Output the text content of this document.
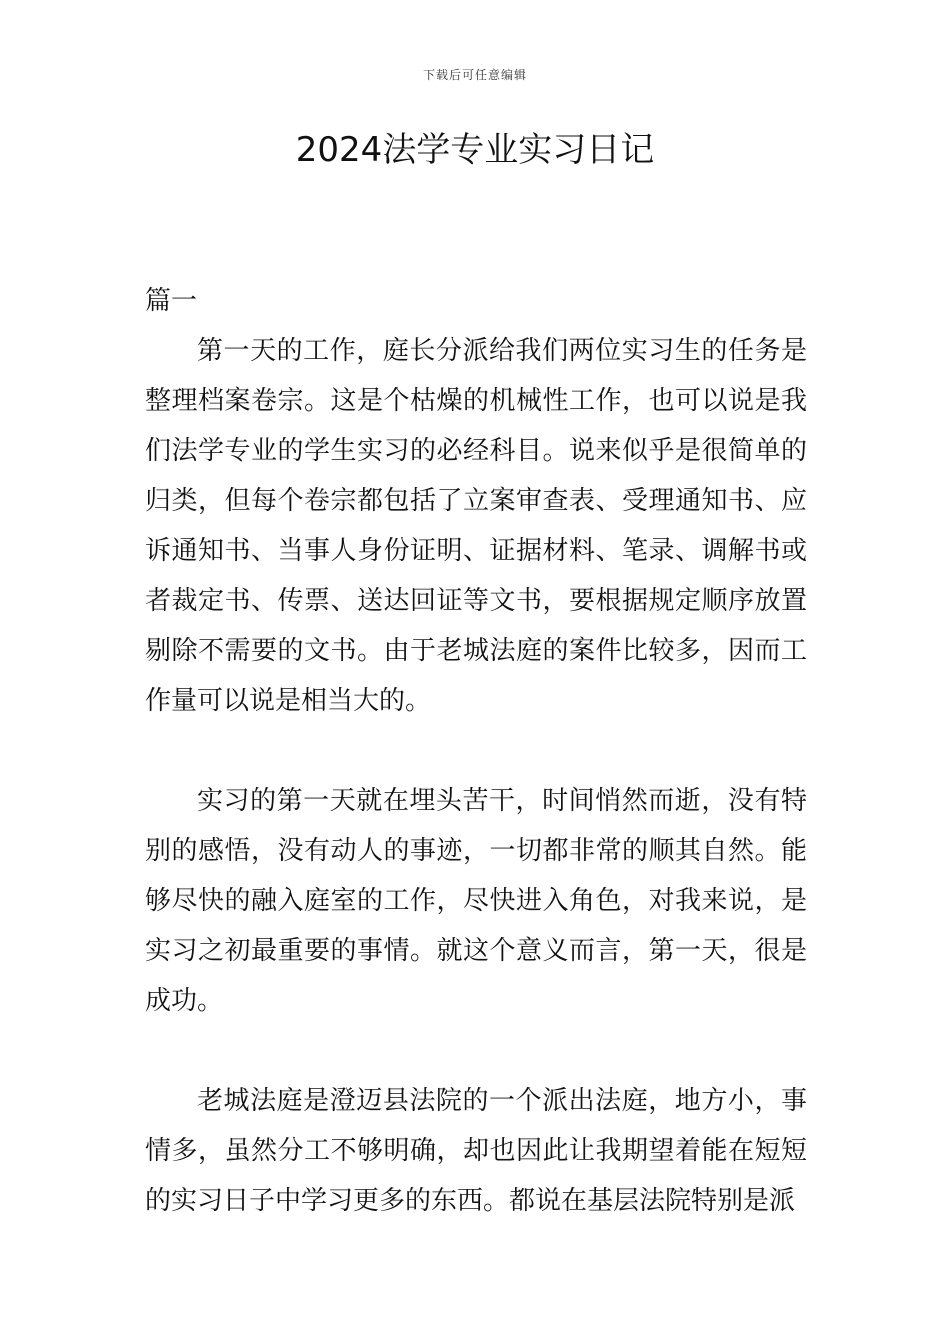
下载后可任意编辑
2024法学专业实习日记
篇一

第一天的工作，庭长分派给我们两位实习生的任务是整理档案卷宗。这是个枯燥的机械性工作，也可以说是我们法学专业的学生实习的必经科目。说来似乎是很简单的归类，但每个卷宗都包括了立案审查表、受理通知书、应诉通知书、当事人身份证明、证据材料、笔录、调解书或者裁定书、传票、送达回证等文书，要根据规定顺序放置剔除不需要的文书。由于老城法庭的案件比较多，因而工作量可以说是相当大的。

实习的第一天就在埋头苦干，时间悄然而逝，没有特别的感悟，没有动人的事迹，一切都非常的顺其自然。能够尽快的融入庭室的工作，尽快进入角色，对我来说，是实习之初最重要的事情。就这个意义而言，第一天，很是成功。

老城法庭是澄迈县法院的一个派出法庭，地方小，事情多，虽然分工不够明确，却也因此让我期望着能在短短的实习日子中学习更多的东西。都说在基层法院特别是派
